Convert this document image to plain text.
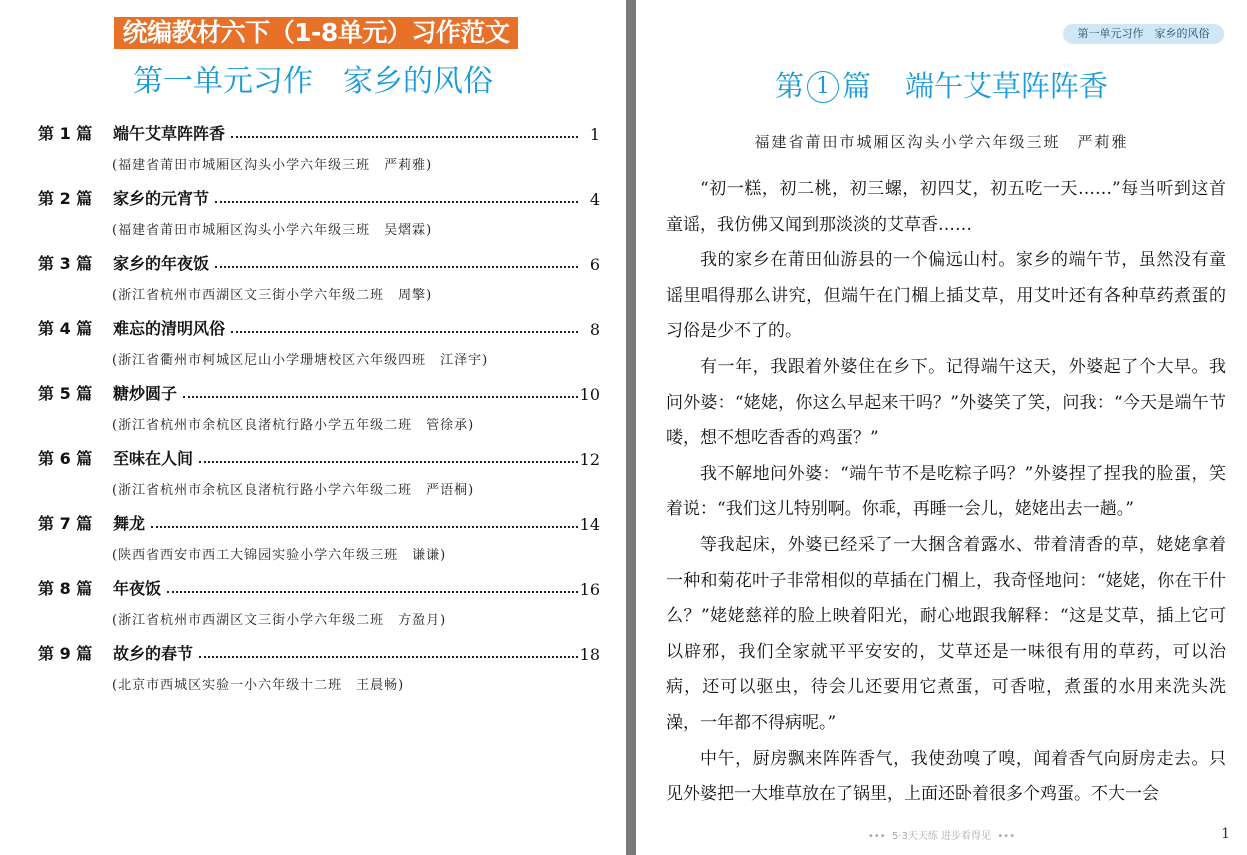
统编教材六下（1-8单元）习作范文
第一单元习作　家乡的风俗
第 1 篇	端午艾草阵阵香	1
(福建省莆田市城厢区沟头小学六年级三班　严莉雅)
第 2 篇	家乡的元宵节	4
(福建省莆田市城厢区沟头小学六年级三班　吴熠霖)
第 3 篇	家乡的年夜饭	6
(浙江省杭州市西湖区文三街小学六年级二班　周擎)
第 4 篇	难忘的清明风俗	8
(浙江省衢州市柯城区尼山小学珊塘校区六年级四班　江泽宇)
第 5 篇	糖炒圆子	10
(浙江省杭州市余杭区良渚杭行路小学五年级二班　管徐承)
第 6 篇	至味在人间	12
(浙江省杭州市余杭区良渚杭行路小学六年级二班　严语桐)
第 7 篇	舞龙	14
(陕西省西安市西工大锦园实验小学六年级三班　谦谦)
第 8 篇	年夜饭	16
(浙江省杭州市西湖区文三街小学六年级二班　方盈月)
第 9 篇	故乡的春节	18
(北京市西城区实验一小六年级十二班　王晨畅)
第一单元习作　家乡的风俗
第 1 篇 端午艾草阵阵香
福建省莆田市城厢区沟头小学六年级三班　严莉雅

“初一糕，初二桃，初三螺，初四艾，初五吃一天……”每当听到这首童谣，我仿佛又闻到那淡淡的艾草香……

我的家乡在莆田仙游县的一个偏远山村。家乡的端午节，虽然没有童谣里唱得那么讲究，但端午在门楣上插艾草，用艾叶还有各种草药煮蛋的习俗是少不了的。

有一年，我跟着外婆住在乡下。记得端午这天，外婆起了个大早。我问外婆：“姥姥，你这么早起来干吗？”外婆笑了笑，问我：“今天是端午节喽，想不想吃香香的鸡蛋？”

我不解地问外婆：“端午节不是吃粽子吗？”外婆捏了捏我的脸蛋，笑着说：“我们这儿特别啊。你乖，再睡一会儿，姥姥出去一趟。”

等我起床，外婆已经采了一大捆含着露水、带着清香的草，姥姥拿着一种和菊花叶子非常相似的草插在门楣上，我奇怪地问：“姥姥，你在干什么？”姥姥慈祥的脸上映着阳光，耐心地跟我解释：“这是艾草，插上它可以辟邪，我们全家就平平安安的，艾草还是一味很有用的草药，可以治病，还可以驱虫，待会儿还要用它煮蛋，可香啦，煮蛋的水用来洗头洗澡，一年都不得病呢。”

中午，厨房飘来阵阵香气，我使劲嗅了嗅，闻着香气向厨房走去。只见外婆把一大堆草放在了锅里，上面还卧着很多个鸡蛋。不大一会

•••  5·3天天练 进步看得见  •••	1
